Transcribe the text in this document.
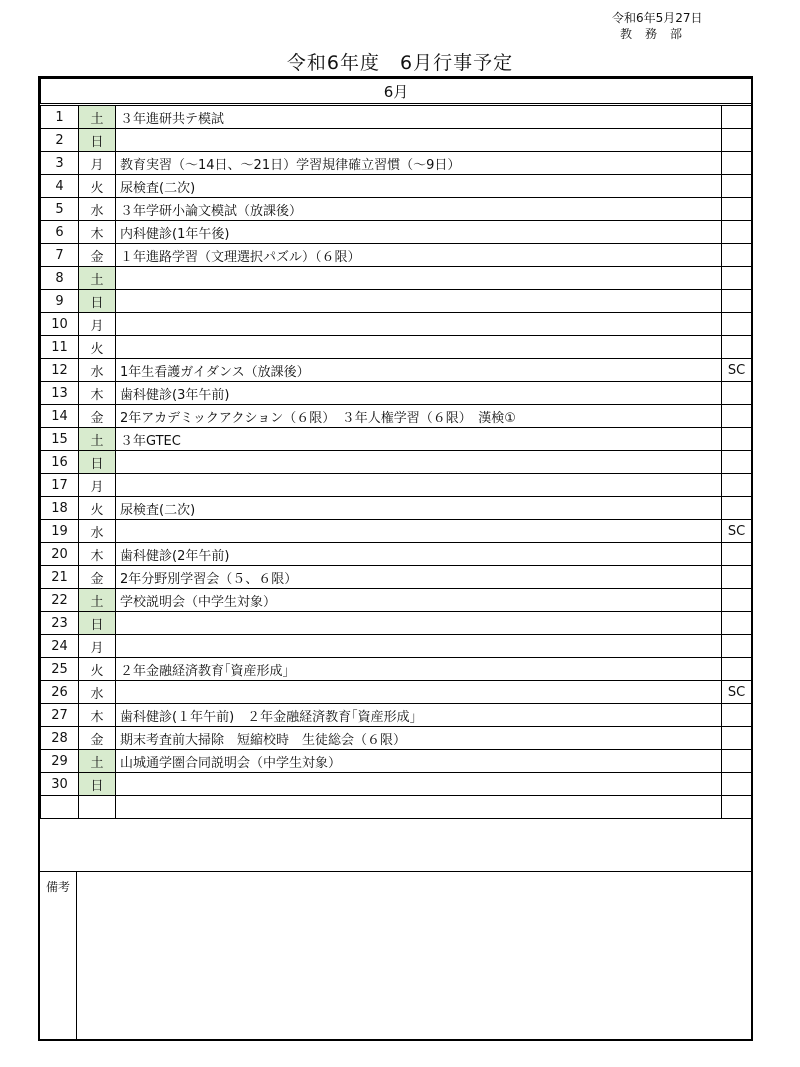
令和6年5月27日
教務部
令和6年度　6月行事予定
6月			
1	土	３年進研共テ模試	
2	日		
3	月	教育実習（～14日、～21日）学習規律確立習慣（～9日）	
4	火	尿検査(二次)	
5	水	３年学研小論文模試（放課後）	
6	木	内科健診(1年午後)	
7	金	１年進路学習（文理選択パズル）（６限）	
8	土		
9	日		
10	月		
11	火		
12	水	1年生看護ガイダンス（放課後）	SC
13	木	歯科健診(3年午前)	
14	金	2年アカデミックアクション（６限）　３年人権学習（６限）　漢検①	
15	土	３年GTEC	
16	日		
17	月		
18	火	尿検査(二次)	
19	水		SC
20	木	歯科健診(2年午前)	
21	金	2年分野別学習会（５、６限）	
22	土	学校説明会（中学生対象）	
23	日		
24	月		
25	火	２年金融経済教育｢資産形成｣	
26	水		SC
27	木	歯科健診(１年午前)　２年金融経済教育｢資産形成｣	
28	金	期末考査前大掃除　短縮校時　生徒総会（６限）	
29	土	山城通学圏合同説明会（中学生対象）	
30	日		

備考
